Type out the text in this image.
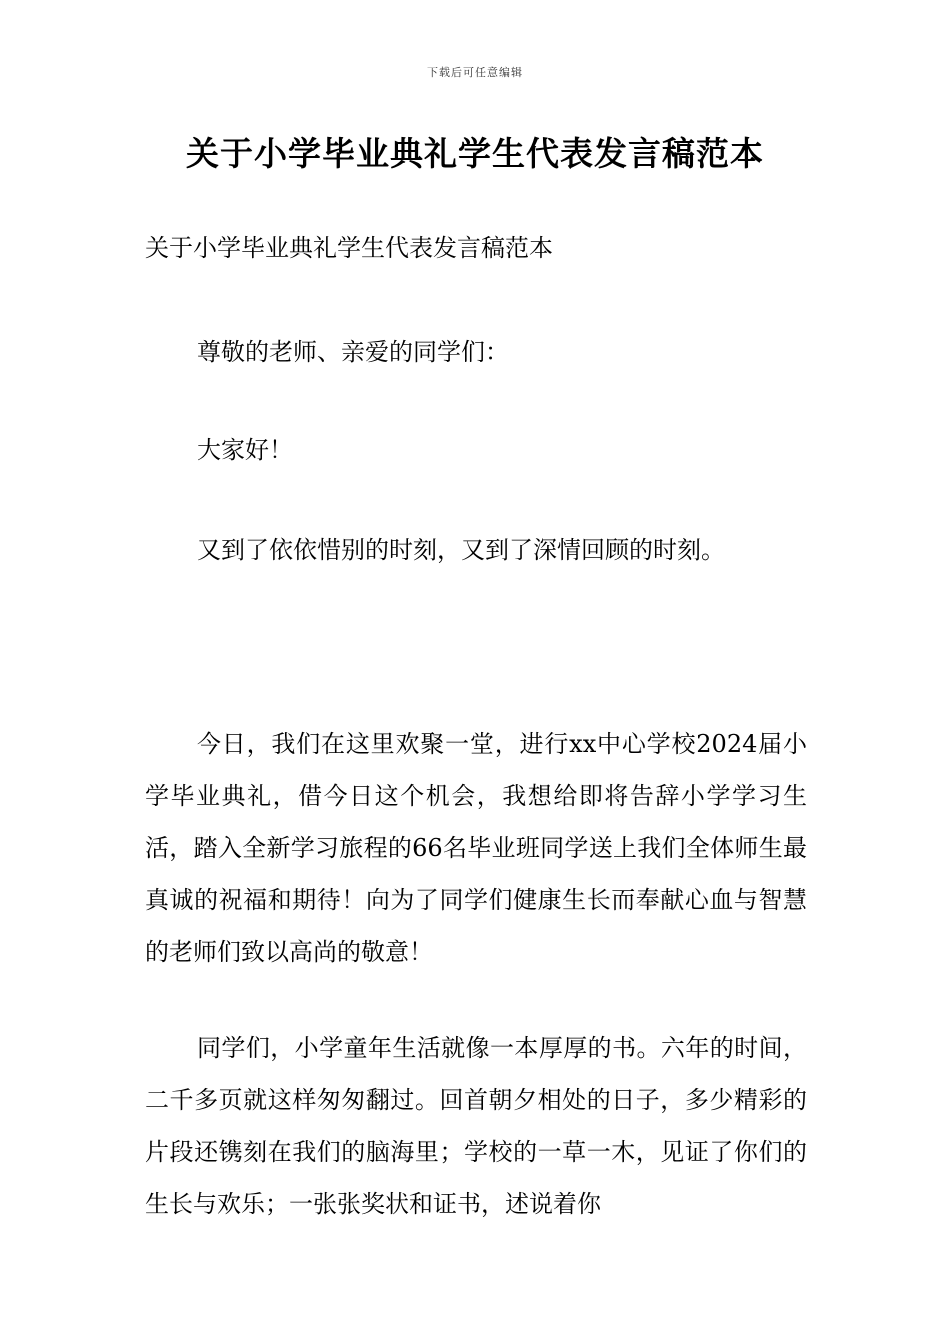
下载后可任意编辑
关于小学毕业典礼学生代表发言稿范本

关于小学毕业典礼学生代表发言稿范本

尊敬的老师、亲爱的同学们：

大家好！

又到了依依惜别的时刻，又到了深情回顾的时刻。

今日，我们在这里欢聚一堂，进行xx中心学校2024届小学毕业典礼，借今日这个机会，我想给即将告辞小学学习生活，踏入全新学习旅程的66名毕业班同学送上我们全体师生最真诚的祝福和期待！向为了同学们健康生长而奉献心血与智慧的老师们致以高尚的敬意！

同学们，小学童年生活就像一本厚厚的书。六年的时间，二千多页就这样匆匆翻过。回首朝夕相处的日子，多少精彩的片段还镌刻在我们的脑海里；学校的一草一木，见证了你们的生长与欢乐；一张张奖状和证书，述说着你
